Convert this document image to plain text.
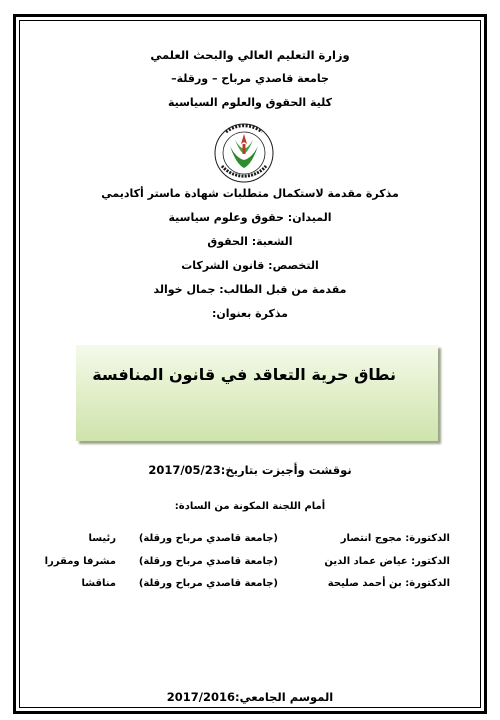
وزارة التعليم العالي والبحث العلمي
جامعة قاصدي مرباح – ورقلة–
كلية الحقوق والعلوم السياسية
مذكرة مقدمة لاستكمال متطلبات شهادة ماستر أكاديمي
الميدان: حقوق وعلوم سياسية
الشعبة: الحقوق
التخصص: قانون الشركات
مقدمة من قبل الطالب: جمال خوالد
مذكرة بعنوان:
نطاق حرية التعاقد في قانون المنافسة
نوقشت وأجيزت بتاريخ:2017/05/23
أمام اللجنة المكونة من السادة:
الدكتورة: مجوج انتصار
(جامعة قاصدي مرباح ورقلة)
رئيسا
الدكتور: عياض عماد الدين
(جامعة قاصدي مرباح ورقلة)
مشرفا ومقررا
الدكتورة: بن أحمد صليحة
(جامعة قاصدي مرباح ورقلة)
مناقشا
الموسم الجامعي:2017/2016
